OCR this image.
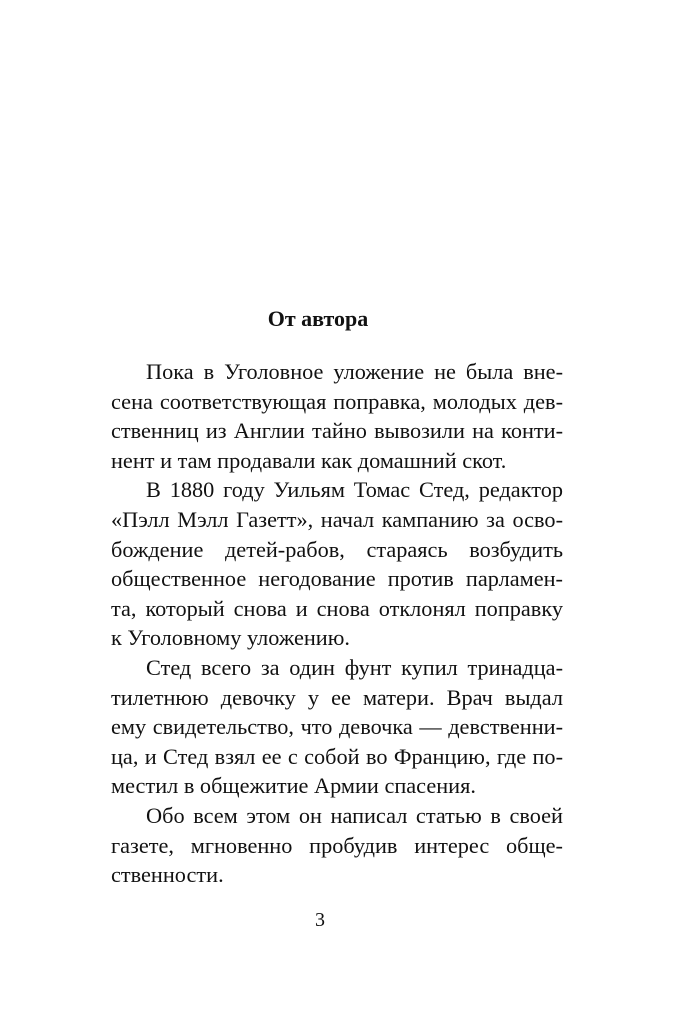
От автора
Пока в Уголовное уложение не была вне-
сена соответствующая поправка, молодых дев-
ственниц из Англии тайно вывозили на конти-
нент и там продавали как домашний скот.
В 1880 году Уильям Томас Стед, редактор
«Пэлл Мэлл Газетт», начал кампанию за осво-
бождение детей-рабов, стараясь возбудить
общественное негодование против парламен-
та, который снова и снова отклонял поправку
к Уголовному уложению.
Стед всего за один фунт купил тринадца-
тилетнюю девочку у ее матери. Врач выдал
ему свидетельство, что девочка — девственни-
ца, и Стед взял ее с собой во Францию, где по-
местил в общежитие Армии спасения.
Обо всем этом он написал статью в своей
газете, мгновенно пробудив интерес обще-
ственности.
3
